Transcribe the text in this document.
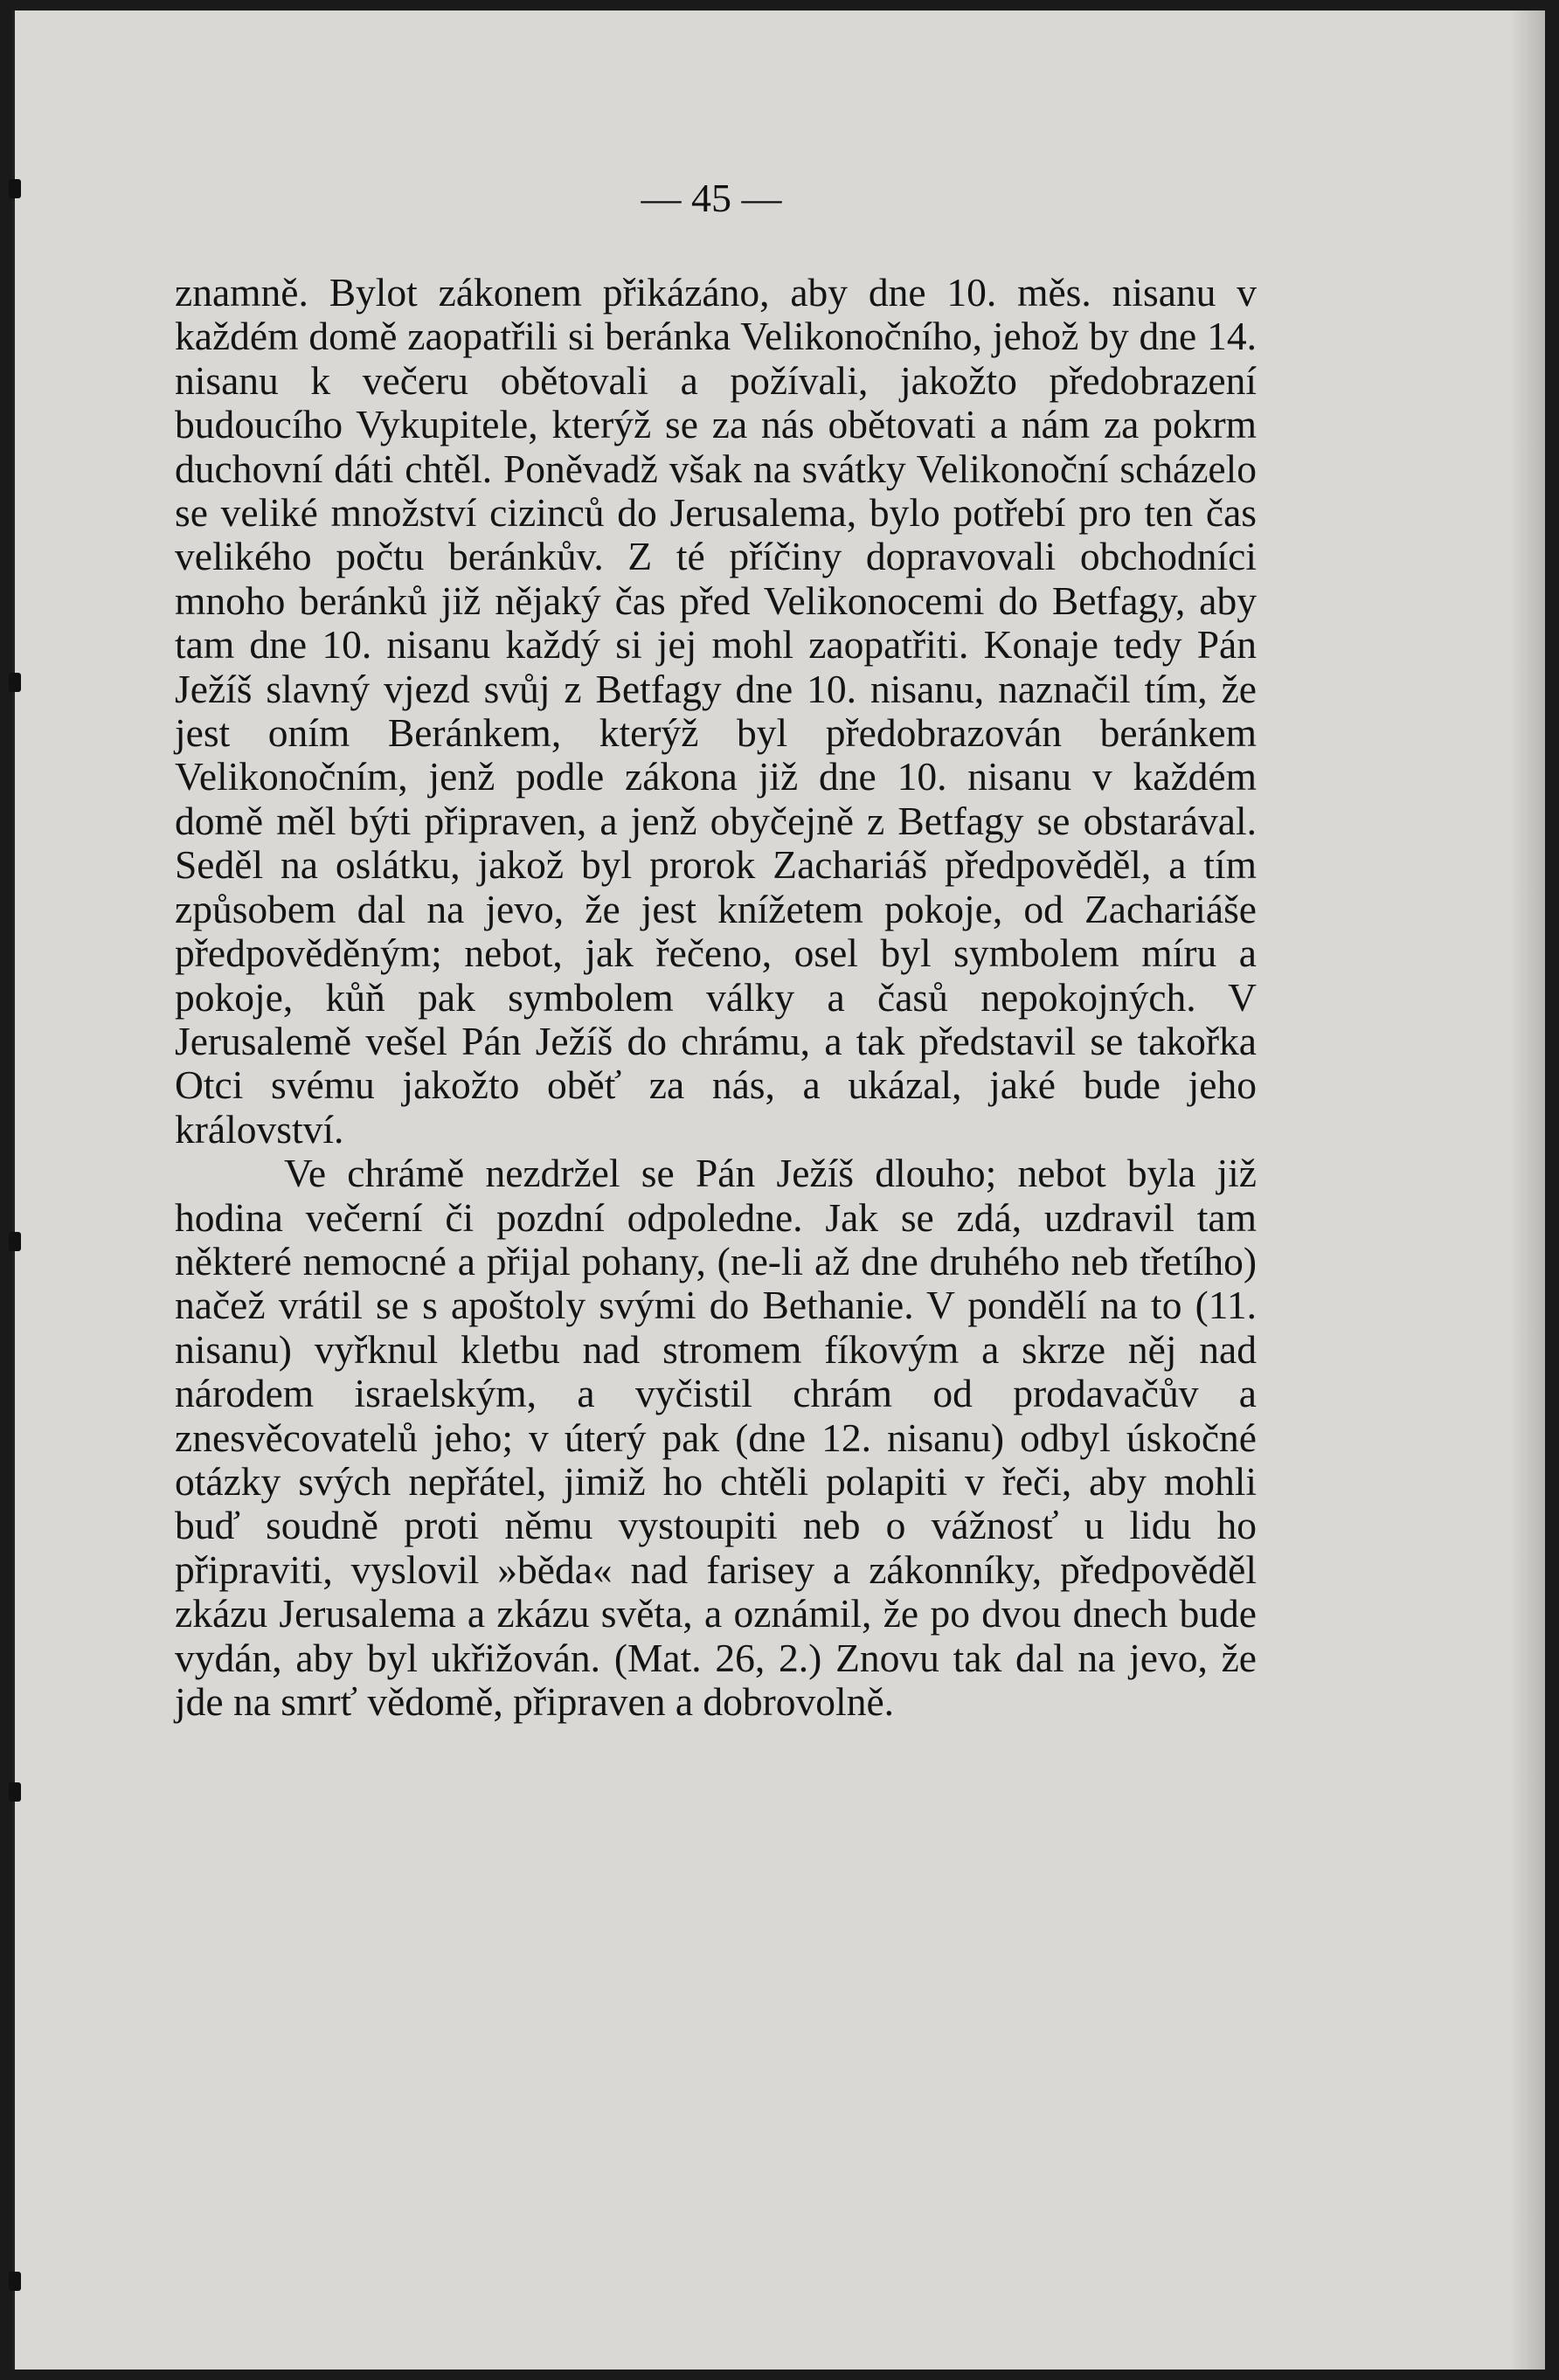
— 45 —

znamně. Bylot zákonem přikázáno, aby dne 10. měs. nisanu v každém domě zaopatřili si beránka Velikonočního, jehož by dne 14. nisanu k večeru obětovali a požívali, jakožto předobrazení budoucího Vykupitele, kterýž se za nás obětovati a nám za pokrm duchovní dáti chtěl. Poněvadž však na svátky Velikonoční scházelo se veliké množství cizinců do Jerusalema, bylo potřebí pro ten čas velikého počtu beránkův. Z té příčiny dopravovali obchodníci mnoho beránků již nějaký čas před Velikonocemi do Betfagy, aby tam dne 10. nisanu každý si jej mohl zaopatřiti. Konaje tedy Pán Ježíš slavný vjezd svůj z Betfagy dne 10. nisanu, naznačil tím, že jest oním Beránkem, kterýž byl předobrazován beránkem Velikonočním, jenž podle zákona již dne 10. nisanu v každém domě měl býti připraven, a jenž obyčejně z Betfagy se obstarával. Seděl na oslátku, jakož byl prorok Zachariáš předpověděl, a tím způsobem dal na jevo, že jest knížetem pokoje, od Zachariáše předpověděným; nebot, jak řečeno, osel byl symbolem míru a pokoje, kůň pak symbolem války a časů nepokojných. V Jerusalemě vešel Pán Ježíš do chrámu, a tak představil se takořka Otci svému jakožto oběť za nás, a ukázal, jaké bude jeho království.

Ve chrámě nezdržel se Pán Ježíš dlouho; nebot byla již hodina večerní či pozdní odpoledne. Jak se zdá, uzdravil tam některé nemocné a přijal pohany, (ne-li až dne druhého neb třetího) načež vrátil se s apoštoly svými do Bethanie. V pondělí na to (11. nisanu) vyřknul kletbu nad stromem fíkovým a skrze něj nad národem israelským, a vyčistil chrám od prodavačův a znesvěcovatelů jeho; v úterý pak (dne 12. nisanu) odbyl úskočné otázky svých nepřátel, jimiž ho chtěli polapiti v řeči, aby mohli buď soudně proti němu vystoupiti neb o vážnosť u lidu ho připraviti, vyslovil »běda« nad farisey a zákonníky, předpověděl zkázu Jerusalema a zkázu světa, a oznámil, že po dvou dnech bude vydán, aby byl ukřižován. (Mat. 26, 2.) Znovu tak dal na jevo, že jde na smrť vědomě, připraven a dobrovolně.
